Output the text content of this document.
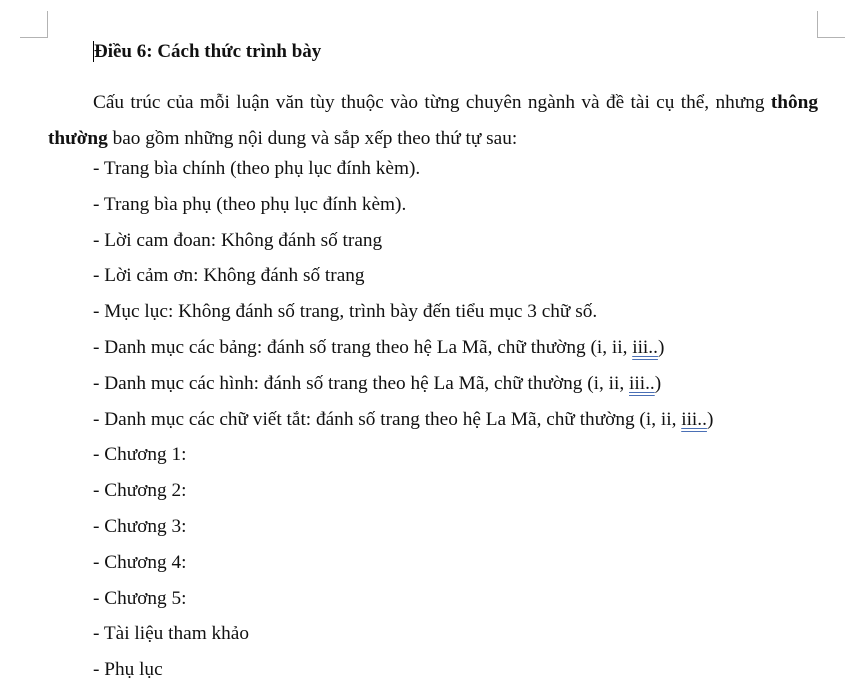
Điều 6: Cách thức trình bày

Cấu trúc của mỗi luận văn tùy thuộc vào từng chuyên ngành và đề tài cụ thể, nhưng thông thường bao gồm những nội dung và sắp xếp theo thứ tự sau:

- Trang bìa chính (theo phụ lục đính kèm).
- Trang bìa phụ (theo phụ lục đính kèm).
- Lời cam đoan: Không đánh số trang
- Lời cảm ơn: Không đánh số trang
- Mục lục: Không đánh số trang, trình bày đến tiểu mục 3 chữ số.
- Danh mục các bảng: đánh số trang theo hệ La Mã, chữ thường (i, ii, iii..)
- Danh mục các hình: đánh số trang theo hệ La Mã, chữ thường (i, ii, iii..)
- Danh mục các chữ viết tắt: đánh số trang theo hệ La Mã, chữ thường (i, ii, iii..)
- Chương 1:
- Chương 2:
- Chương 3:
- Chương 4:
- Chương 5:
- Tài liệu tham khảo
- Phụ lục
